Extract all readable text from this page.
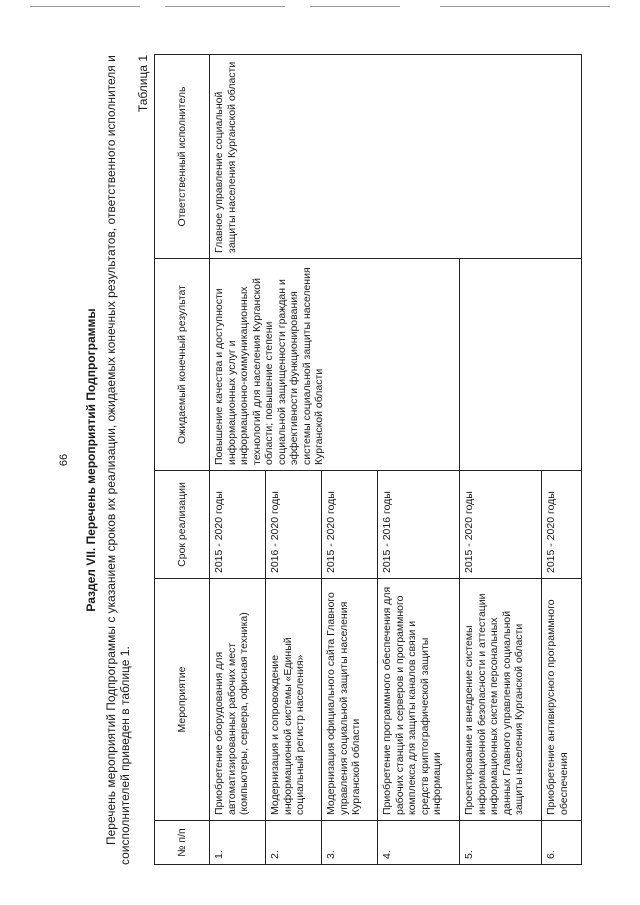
66 Раздел VII. Перечень мероприятий Подпрограммы Перечень мероприятий Подпрограммы с указанием сроков их реализации, ожидаемых конечных результатов, ответственного исполнителя и соисполнителей приведен в таблице 1.
Таблица 1
№ п/п	Мероприятие	Срок реализации	Ожидаемый конечный результат	Ответственный исполнитель
1.	Приобретение оборудования для автоматизированных рабочих мест (компьютеры, сервера, офисная техника)	2015 - 2020 годы	Повышение качества и доступности информационных услуг и информационно-коммуникационных технологий для населения Курганской области; повышение степени социальной защищенности граждан и эффективности функционирования системы социальной защиты населения Курганской области	Главное управление социальной защиты населения Курганской области
2.	Модернизация и сопровождение информационной системы «Единый социальный регистр населения»	2016 - 2020 годы		
3.	Модернизация официального сайта Главного управления социальной защиты населения Курганской области	2015 - 2020 годы		
4.	Приобретение программного обеспечения для рабочих станций и серверов и программного комплекса для защиты каналов связи и средств криптографической защиты информации	2015 - 2016 годы		
5.	Проектирование и внедрение системы информационной безопасности и аттестации информационных систем персональных данных Главного управления социальной защиты населения Курганской области	2015 - 2020 годы		
6.	Приобретение антивирусного программного обеспечения	2015 - 2020 годы		
